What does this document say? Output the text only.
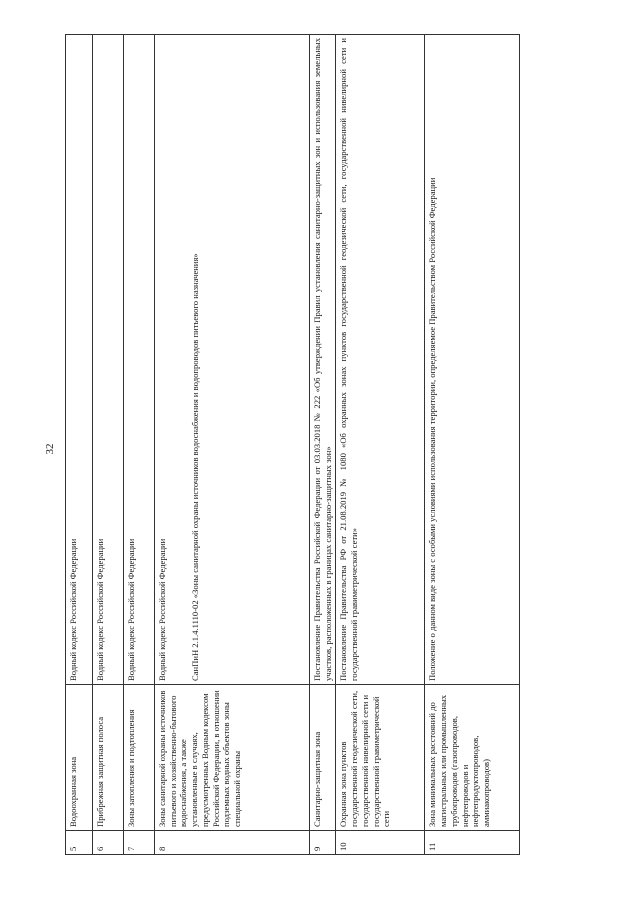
32
5	Водоохранная зона	Водный кодекс Российской Федерации

6	Прибрежная защитная полоса	Водный кодекс Российской Федерации

7	Зоны затопления и подтопления	Водный кодекс Российской Федерации

8	Зоны санитарной охраны источников питьевого и хозяйственно-бытового водоснабжения, а также установленные в случаях, предусмотренных Водным кодексом Российской Федерации, в отношении подземных водных объектов зоны специальной охраны	Водный кодекс Российской Федерации СанПиН 2.1.4.1110-02 «Зоны санитарной охраны источников водоснабжения и водопроводов питьевого назначения»

9	Санитарно-защитная зона	Постановление Правительства Российской Федерации от 03.03.2018 № 222 «Об утверждении Правил установления санитарно-защитных зон и использования земельных участков, расположенных в границах санитарно-защитных зон»

10	Охранная зона пунктов государственной геодезической сети, государственной нивелирной сети и государственной гравиметрической сети	Постановление Правительства РФ от 21.08.2019 № 1080 «Об охранных зонах пунктов государственной геодезической сети, государственной нивелирной сети и государственной гравиметрической сети»

11	Зона минимальных расстояний до магистральных или промышленных трубопроводов (газопроводов, нефтепроводов и нефтепродуктопроводов, аммиакопроводов)	Положение о данном виде зоны с особыми условиями использования территории, определяемое Правительством Российской Федерации
